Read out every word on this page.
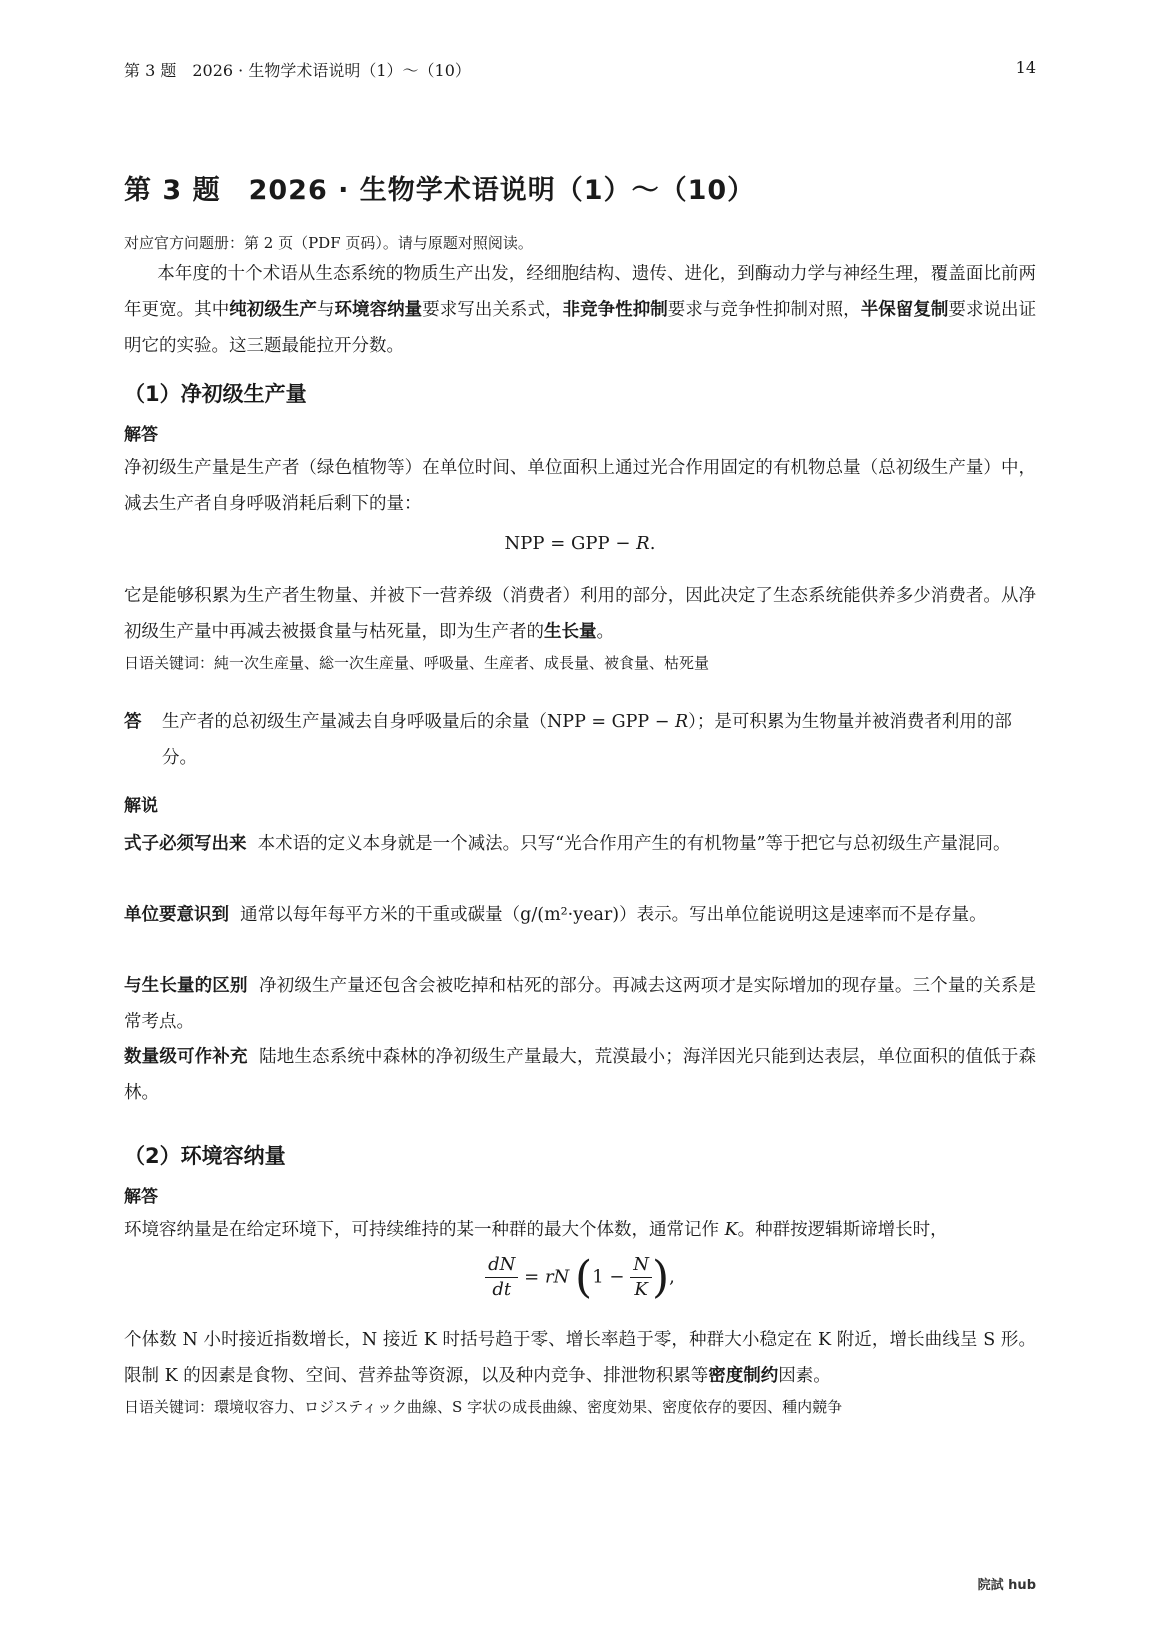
第 3 题　2026 · 生物学术语说明（1）～（10）	14
第 3 题　2026 · 生物学术语说明（1）～（10）
对应官方问题册：第 2 页（PDF 页码）。请与原题对照阅读。

本年度的十个术语从生态系统的物质生产出发，经细胞结构、遗传、进化，到酶动力学与神经生理，覆盖面比前两年更宽。其中纯初级生产与环境容纳量要求写出关系式，非竞争性抑制要求与竞争性抑制对照，半保留复制要求说出证明它的实验。这三题最能拉开分数。

（1）净初级生产量
解答

净初级生产量是生产者（绿色植物等）在单位时间、单位面积上通过光合作用固定的有机物总量（总初级生产量）中，减去生产者自身呼吸消耗后剩下的量：

NPP = GPP − R.

它是能够积累为生产者生物量、并被下一营养级（消费者）利用的部分，因此决定了生态系统能供养多少消费者。从净初级生产量中再减去被摄食量与枯死量，即为生产者的生长量。

日语关键词：純一次生産量、総一次生産量、呼吸量、生産者、成長量、被食量、枯死量
答	生产者的总初级生产量减去自身呼吸量后的余量（NPP = GPP − R）；是可积累为生物量并被消费者利用的部分。
解说

式子必须写出来 本术语的定义本身就是一个减法。只写“光合作用产生的有机物量”等于把它与总初级生产量混同。

单位要意识到 通常以每年每平方米的干重或碳量（g/(m²·year)）表示。写出单位能说明这是速率而不是存量。

与生长量的区别 净初级生产量还包含会被吃掉和枯死的部分。再减去这两项才是实际增加的现存量。三个量的关系是常考点。

数量级可作补充 陆地生态系统中森林的净初级生产量最大，荒漠最小；海洋因光只能到达表层，单位面积的值低于森林。

（2）环境容纳量
解答

环境容纳量是在给定环境下，可持续维持的某一种群的最大个体数，通常记作 K。种群按逻辑斯谛增长时，

$\frac{dN}{dt}$ = rN ($1 - \frac{N}{K}$ ),

个体数 N 小时接近指数增长，N 接近 K 时括号趋于零、增长率趋于零，种群大小稳定在 K 附近，增长曲线呈 S 形。限制 K 的因素是食物、空间、营养盐等资源，以及种内竞争、排泄物积累等密度制约因素。

日语关键词：環境収容力、ロジスティック曲線、S 字状の成長曲線、密度効果、密度依存的要因、種内競争
院試 hub
